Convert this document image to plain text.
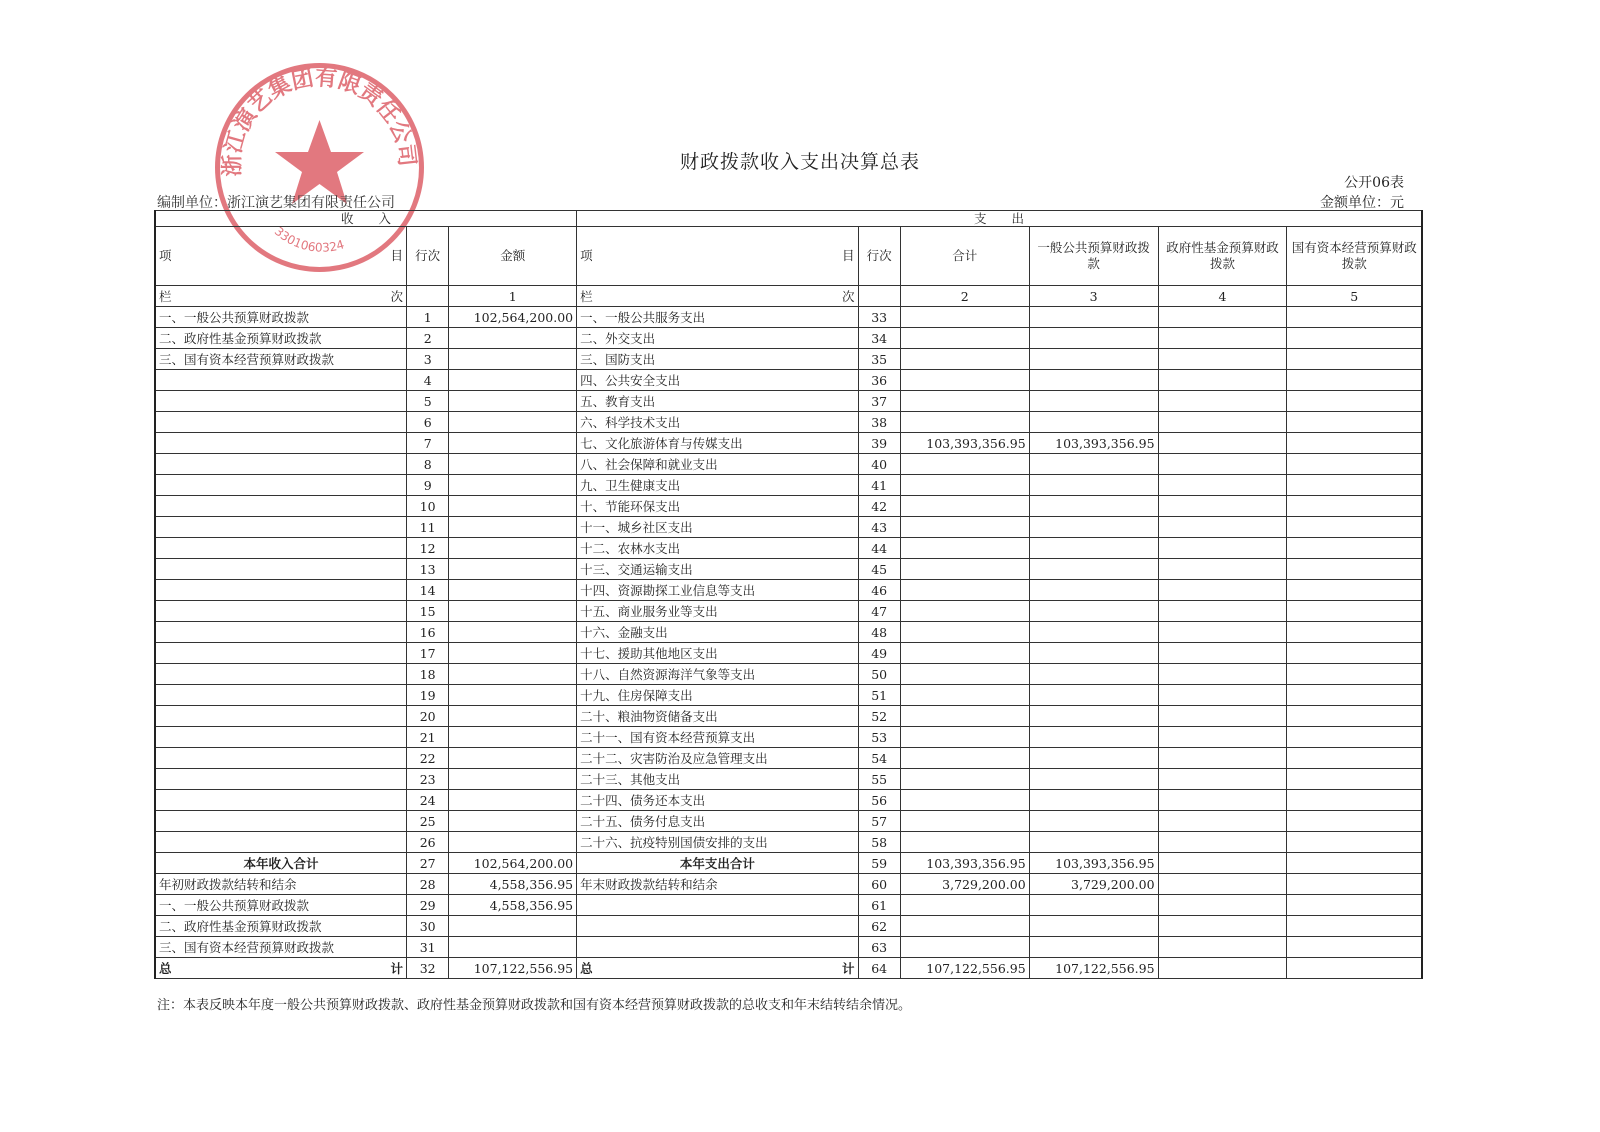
浙江演艺集团有限责任公司
3301060324
财政拨款收入支出决算总表
公开06表
编制单位：浙江演艺集团有限责任公司	金额单位：元
收　　入			支　　出					

项 目	行次	金额	项 目	行次	合计	一般公共预算财政拨款	政府性基金预算财政拨款	国有资本经营预算财政拨款

栏 次		1	栏 次		2	3	4	5
一、一般公共预算财政拨款	1	102,564,200.00	一、一般公共服务支出	33				
二、政府性基金预算财政拨款	2		二、外交支出	34				
三、国有资本经营预算财政拨款	3		三、国防支出	35				
	4		四、公共安全支出	36				
	5		五、教育支出	37				
	6		六、科学技术支出	38				
	7		七、文化旅游体育与传媒支出	39	103,393,356.95	103,393,356.95		
	8		八、社会保障和就业支出	40				
	9		九、卫生健康支出	41				
	10		十、节能环保支出	42				
	11		十一、城乡社区支出	43				
	12		十二、农林水支出	44				
	13		十三、交通运输支出	45				
	14		十四、资源勘探工业信息等支出	46				
	15		十五、商业服务业等支出	47				
	16		十六、金融支出	48				
	17		十七、援助其他地区支出	49				
	18		十八、自然资源海洋气象等支出	50				
	19		十九、住房保障支出	51				
	20		二十、粮油物资储备支出	52				
	21		二十一、国有资本经营预算支出	53				
	22		二十二、灾害防治及应急管理支出	54				
	23		二十三、其他支出	55				
	24		二十四、债务还本支出	56				
	25		二十五、债务付息支出	57				
	26		二十六、抗疫特别国债安排的支出	58				
本年收入合计	27	102,564,200.00	本年支出合计	59	103,393,356.95	103,393,356.95		
年初财政拨款结转和结余	28	4,558,356.95	年末财政拨款结转和结余	60	3,729,200.00	3,729,200.00		
一、一般公共预算财政拨款	29	4,558,356.95		61				
二、政府性基金预算财政拨款	30			62				
三、国有资本经营预算财政拨款	31			63				

总 计	32	107,122,556.95	总 计	64	107,122,556.95	107,122,556.95		
注：本表反映本年度一般公共预算财政拨款、政府性基金预算财政拨款和国有资本经营预算财政拨款的总收支和年末结转结余情况。
